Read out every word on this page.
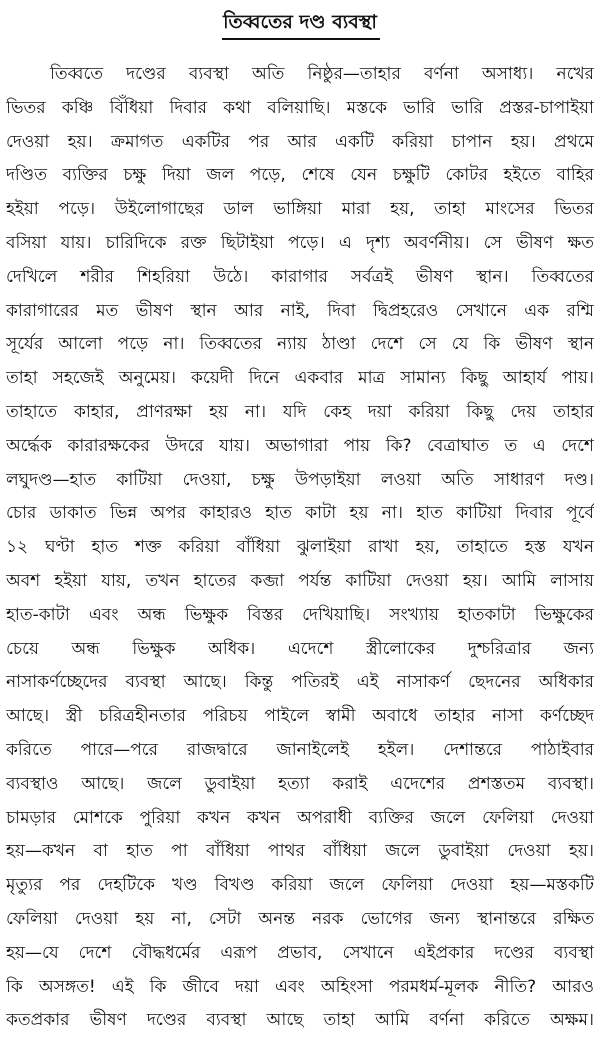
তিব্বতের দণ্ড ব্যবস্থা
তিব্বতে দণ্ডের ব্যবস্থা অতি নিষ্ঠুর—তাহার বর্ণনা অসাধ্য। নখের
ভিতর কঞ্চি বিঁধিয়া দিবার কথা বলিয়াছি। মস্তকে ভারি ভারি প্রস্তর-চাপাইয়া
দেওয়া হয়। ক্রমাগত একটির পর আর একটি করিয়া চাপান হয়। প্রথমে
দণ্ডিত ব্যক্তির চক্ষু দিয়া জল পড়ে, শেষে যেন চক্ষুটি কোটর হইতে বাহির
হইয়া পড়ে। উইলোগাছের ডাল ভাঙ্গিয়া মারা হয়, তাহা মাংসের ভিতর
বসিয়া যায়। চারিদিকে রক্ত ছিটাইয়া পড়ে। এ দৃশ্য অবর্ণনীয়। সে ভীষণ ক্ষত
দেখিলে শরীর শিহরিয়া উঠে। কারাগার সর্বত্রই ভীষণ স্থান। তিব্বতের
কারাগারের মত ভীষণ স্থান আর নাই, দিবা দ্বিপ্রহরেও সেখানে এক রশ্মি
সূর্যের আলো পড়ে না। তিব্বতের ন্যায় ঠাণ্ডা দেশে সে যে কি ভীষণ স্থান
তাহা সহজেই অনুমেয়। কয়েদী দিনে একবার মাত্র সামান্য কিছু আহার্য পায়।
তাহাতে কাহার, প্রাণরক্ষা হয় না। যদি কেহ দয়া করিয়া কিছু দেয় তাহার
অর্দ্ধেক কারারক্ষকের উদরে যায়। অভাগারা পায় কি? বেত্রাঘাত ত এ দেশে
লঘুদণ্ড—হাত কাটিয়া দেওয়া, চক্ষু উপড়াইয়া লওয়া অতি সাধারণ দণ্ড।
চোর ডাকাত ভিন্ন অপর কাহারও হাত কাটা হয় না। হাত কাটিয়া দিবার পূর্বে
১২ ঘণ্টা হাত শক্ত করিয়া বাঁধিয়া ঝুলাইয়া রাখা হয়, তাহাতে হস্ত যখন
অবশ হইয়া যায়, তখন হাতের কব্জা পর্যন্ত কাটিয়া দেওয়া হয়। আমি লাসায়
হাত-কাটা এবং অন্ধ ভিক্ষুক বিস্তর দেখিয়াছি। সংখ্যায় হাতকাটা ভিক্ষুকের
চেয়ে অন্ধ ভিক্ষুক অধিক। এদেশে স্ত্রীলোকের দুশ্চরিত্রার জন্য
নাসাকর্ণচ্ছেদের ব্যবস্থা আছে। কিন্তু পতিরই এই নাসাকর্ণ ছেদনের অধিকার
আছে। স্ত্রী চরিত্রহীনতার পরিচয় পাইলে স্বামী অবাধে তাহার নাসা কর্ণচ্ছেদ
করিতে পারে—পরে রাজদ্বারে জানাইলেই হইল। দেশান্তরে পাঠাইবার
ব্যবস্থাও আছে। জলে ডুবাইয়া হত্যা করাই এদেশের প্রশস্ততম ব্যবস্থা।
চামড়ার মোশকে পুরিয়া কখন কখন অপরাধী ব্যক্তির জলে ফেলিয়া দেওয়া
হয়—কখন বা হাত পা বাঁধিয়া পাথর বাঁধিয়া জলে ডুবাইয়া দেওয়া হয়।
মৃত্যুর পর দেহটিকে খণ্ড বিখণ্ড করিয়া জলে ফেলিয়া দেওয়া হয়—মস্তকটি
ফেলিয়া দেওয়া হয় না, সেটা অনন্ত নরক ভোগের জন্য স্থানান্তরে রক্ষিত
হয়—যে দেশে বৌদ্ধধর্মের এরূপ প্রভাব, সেখানে এইপ্রকার দণ্ডের ব্যবস্থা
কি অসঙ্গত! এই কি জীবে দয়া এবং অহিংসা পরমধর্ম-মূলক নীতি? আরও
কতপ্রকার ভীষণ দণ্ডের ব্যবস্থা আছে তাহা আমি বর্ণনা করিতে অক্ষম।
